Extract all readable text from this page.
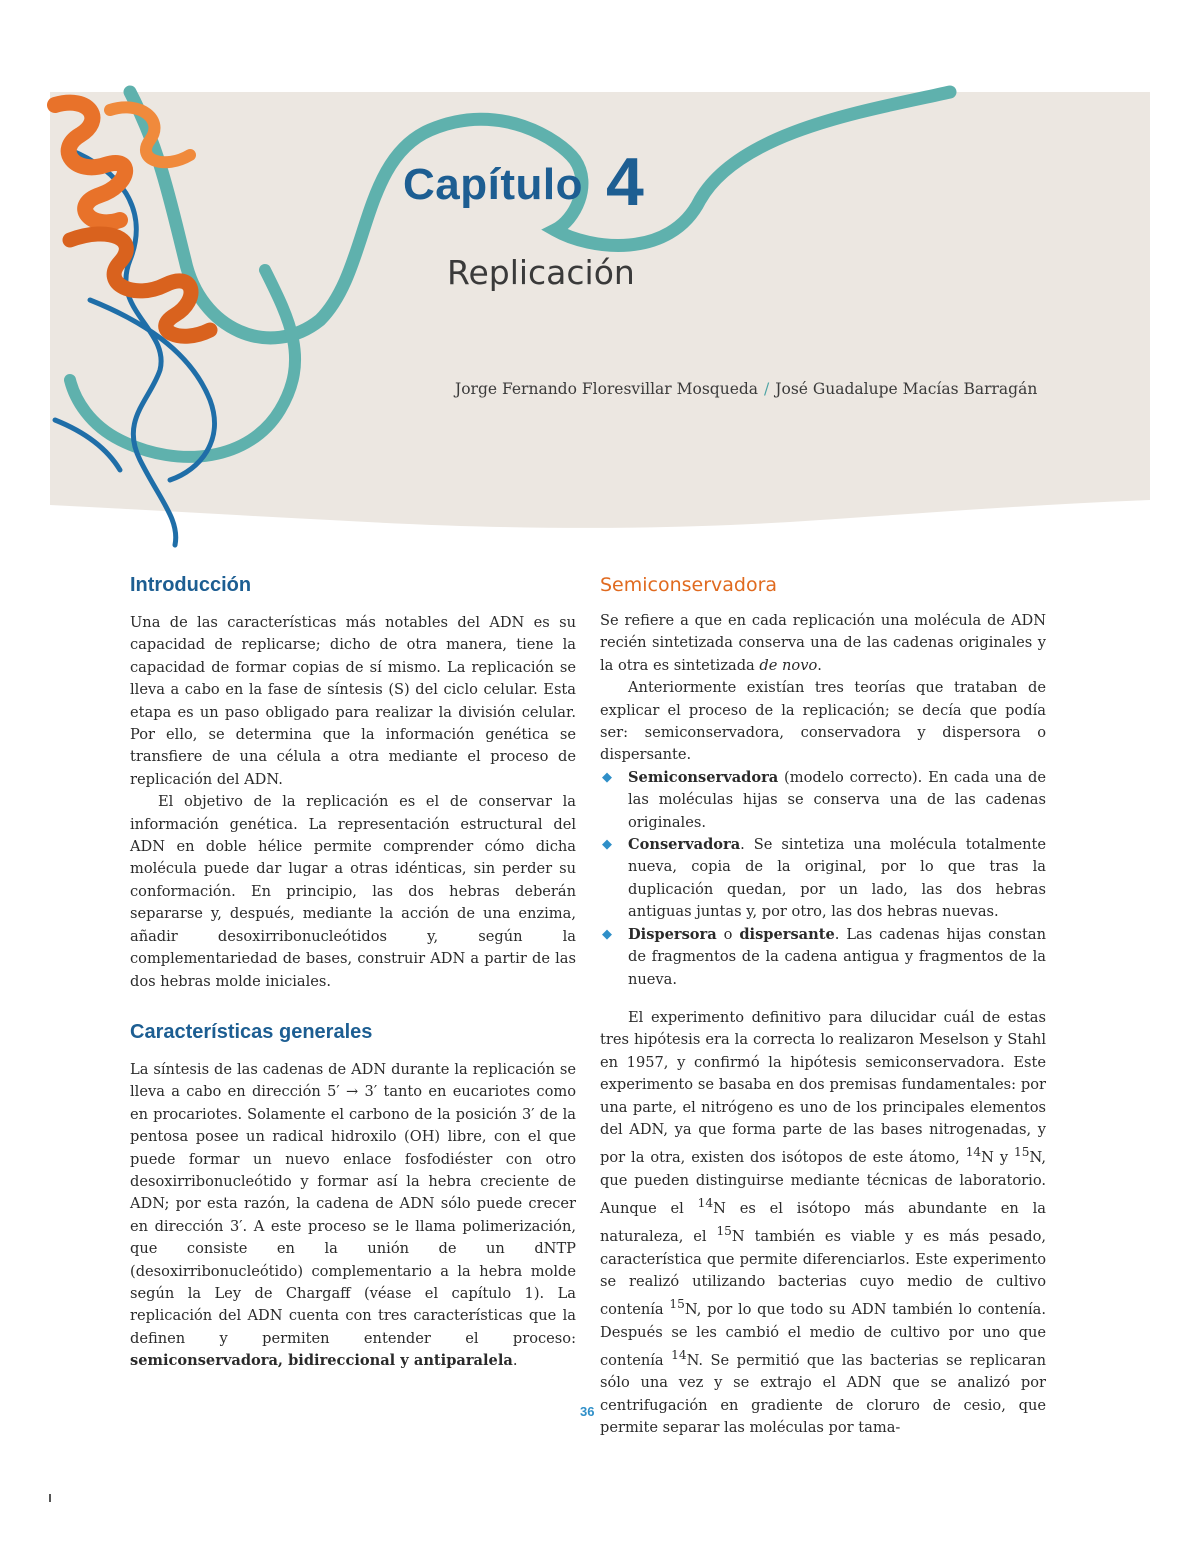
Capítulo 4
Replicación
Jorge Fernando Floresvillar Mosqueda / José Guadalupe Macías Barragán
Introducción

Una de las características más notables del ADN es su capacidad de replicarse; dicho de otra manera, tiene la capacidad de formar copias de sí mismo. La replicación se lleva a cabo en la fase de síntesis (S) del ciclo celular. Esta etapa es un paso obligado para realizar la división celular. Por ello, se determina que la información genética se transfiere de una célula a otra mediante el proceso de replicación del ADN.

El objetivo de la replicación es el de conservar la información genética. La representación estructural del ADN en doble hélice permite comprender cómo dicha molécula puede dar lugar a otras idénticas, sin perder su conformación. En principio, las dos hebras deberán separarse y, después, mediante la acción de una enzima, añadir desoxirribonucleótidos y, según la complementariedad de bases, construir ADN a partir de las dos hebras molde iniciales.

Características generales

La síntesis de las cadenas de ADN durante la replicación se lleva a cabo en dirección 5′ → 3′ tanto en eucariotes como en procariotes. Solamente el carbono de la posición 3′ de la pentosa posee un radical hidroxilo (OH) libre, con el que puede formar un nuevo enlace fosfodiéster con otro desoxirribonucleótido y formar así la hebra creciente de ADN; por esta razón, la cadena de ADN sólo puede crecer en dirección 3′. A este proceso se le llama polimerización, que consiste en la unión de un dNTP (desoxirribonucleótido) complementario a la hebra molde según la Ley de Chargaff (véase el capítulo 1). La replicación del ADN cuenta con tres características que la definen y permiten entender el proceso: semiconservadora, bidireccional y antiparalela.

Semiconservadora

Se refiere a que en cada replicación una molécula de ADN recién sintetizada conserva una de las cadenas originales y la otra es sintetizada de novo.

Anteriormente existían tres teorías que trataban de explicar el proceso de la replicación; se decía que podía ser: semiconservadora, conservadora y dispersora o dispersante.

◆ Semiconservadora (modelo correcto). En cada una de las moléculas hijas se conserva una de las cadenas originales.
◆ Conservadora. Se sintetiza una molécula totalmente nueva, copia de la original, por lo que tras la duplicación quedan, por un lado, las dos hebras antiguas juntas y, por otro, las dos hebras nuevas.
◆ Dispersora o dispersante. Las cadenas hijas constan de fragmentos de la cadena antigua y fragmentos de la nueva.

El experimento definitivo para dilucidar cuál de estas tres hipótesis era la correcta lo realizaron Meselson y Stahl en 1957, y confirmó la hipótesis semiconservadora. Este experimento se basaba en dos premisas fundamentales: por una parte, el nitrógeno es uno de los principales elementos del ADN, ya que forma parte de las bases nitrogenadas, y por la otra, existen dos isótopos de este átomo, $^{14}$N y $^{15}$N, que pueden distinguirse mediante técnicas de laboratorio. Aunque el $^{14}$N es el isótopo más abundante en la naturaleza, el $^{15}$N también es viable y es más pesado, característica que permite diferenciarlos. Este experimento se realizó utilizando bacterias cuyo medio de cultivo contenía $^{15}$N, por lo que todo su ADN también lo contenía. Después se les cambió el medio de cultivo por uno que contenía $^{14}$N. Se permitió que las bacterias se replicaran sólo una vez y se extrajo el ADN que se analizó por centrifugación en gradiente de cloruro de cesio, que permite separar las moléculas por tama-

36
